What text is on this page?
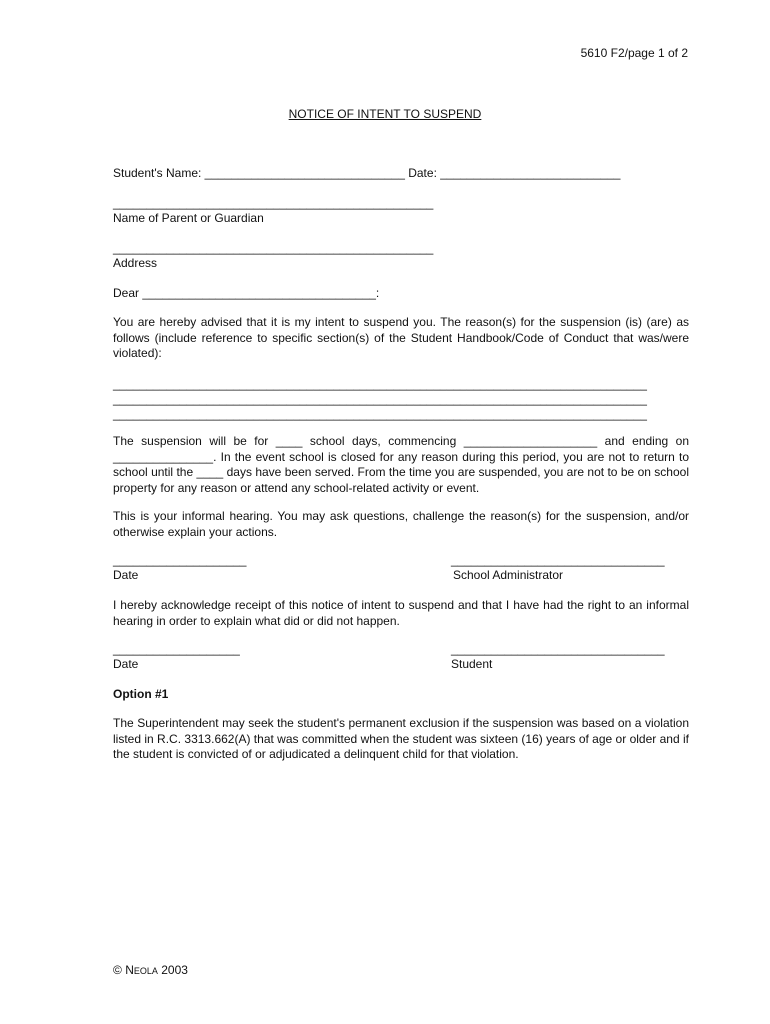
5610 F2/page 1 of 2
NOTICE OF INTENT TO SUSPEND
Student's Name: ______________________________ Date: ___________________________
________________________________________________
Name of Parent or Guardian
________________________________________________
Address
Dear ___________________________________:
You are hereby advised that it is my intent to suspend you. The reason(s) for the suspension (is) (are) as follows (include reference to specific section(s) of the Student Handbook/Code of Conduct that was/were violated):
________________________________________________________________________________
________________________________________________________________________________
________________________________________________________________________________
The suspension will be for ____ school days, commencing ____________________ and ending on _______________. In the event school is closed for any reason during this period, you are not to return to school until the ____ days have been served. From the time you are suspended, you are not to be on school property for any reason or attend any school-related activity or event.
This is your informal hearing. You may ask questions, challenge the reason(s) for the suspension, and/or otherwise explain your actions.
____________________
Date
________________________________
School Administrator
I hereby acknowledge receipt of this notice of intent to suspend and that I have had the right to an informal hearing in order to explain what did or did not happen.
___________________
Date
________________________________
Student
Option #1
The Superintendent may seek the student's permanent exclusion if the suspension was based on a violation listed in R.C. 3313.662(A) that was committed when the student was sixteen (16) years of age or older and if the student is convicted of or adjudicated a delinquent child for that violation.
© NEOLA 2003
